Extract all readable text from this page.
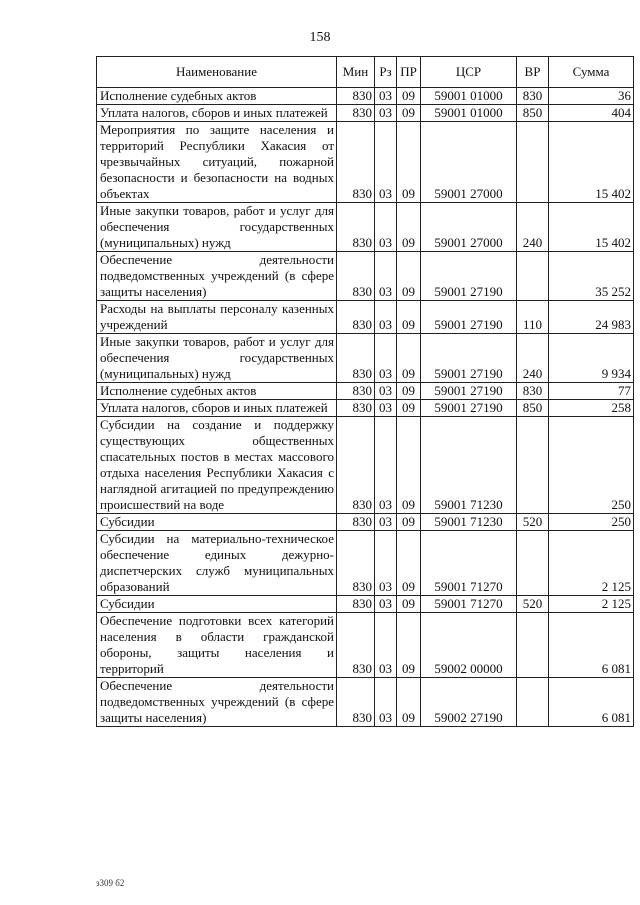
158
Наименование	Мин	Рз	ПР	ЦСР	ВР	Сумма
Исполнение судебных актов	830	03	09	59001 01000	830	36
Уплата налогов, сборов и иных платежей	830	03	09	59001 01000	850	404
Мероприятия по защите населения и территорий Республики Хакасия от чрезвычайных ситуаций, пожарной безопасности и безопасности на водных объектах	830	03	09	59001 27000		15 402
Иные закупки товаров, работ и услуг для обеспечения государственных (муниципальных) нужд	830	03	09	59001 27000	240	15 402
Обеспечение деятельности подведомственных учреждений (в сфере защиты населения)	830	03	09	59001 27190		35 252
Расходы на выплаты персоналу казенных учреждений	830	03	09	59001 27190	110	24 983
Иные закупки товаров, работ и услуг для обеспечения государственных (муниципальных) нужд	830	03	09	59001 27190	240	9 934
Исполнение судебных актов	830	03	09	59001 27190	830	77
Уплата налогов, сборов и иных платежей	830	03	09	59001 27190	850	258
Субсидии на создание и поддержку существующих общественных спасательных постов в местах массового отдыха населения Республики Хакасия с наглядной агитацией по предупреждению происшествий на воде	830	03	09	59001 71230		250
Субсидии	830	03	09	59001 71230	520	250
Субсидии на материально-техническое обеспечение единых дежурно-диспетчерских служб муниципальных образований	830	03	09	59001 71270		2 125
Субсидии	830	03	09	59001 71270	520	2 125
Обеспечение подготовки всех категорий населения в области гражданской обороны, защиты населения и территорий	830	03	09	59002 00000		6 081
Обеспечение деятельности подведомственных учреждений (в сфере защиты населения)	830	03	09	59002 27190		6 081
з309 б2
